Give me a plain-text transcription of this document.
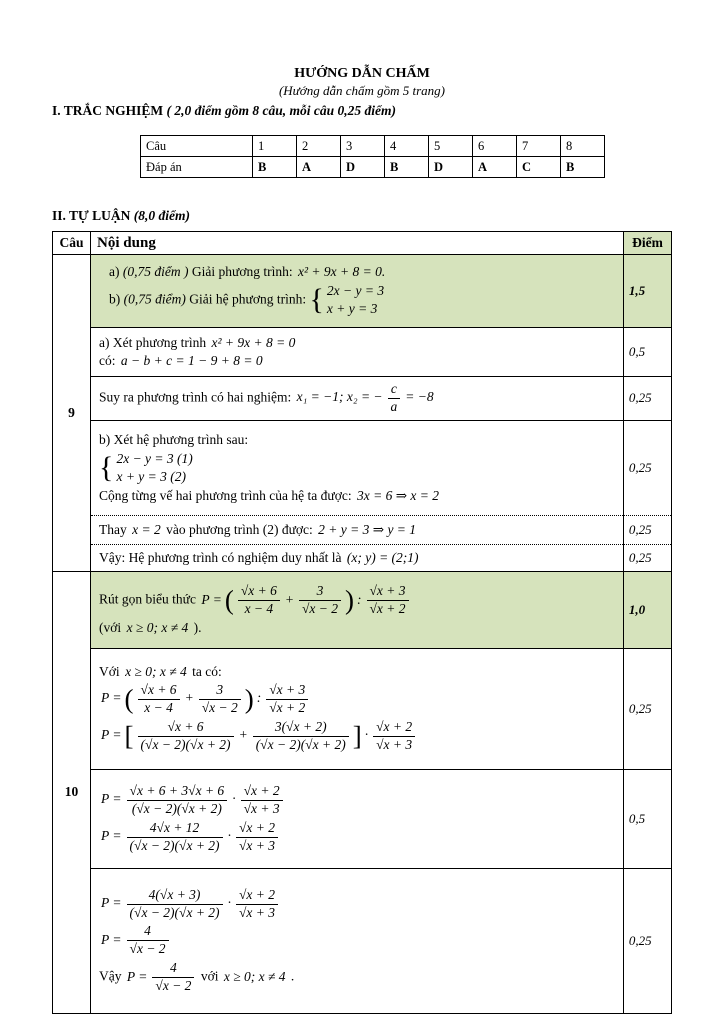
HƯỚNG DẪN CHẤM
(Hướng dẫn chấm gồm 5 trang)
I. TRẮC NGHIỆM ( 2,0 điểm gồm 8 câu, mỗi câu 0,25 điểm)
Câu	1	2	3	4	5	6	7	8
Đáp án	B	A	D	B	D	A	C	B
II. TỰ LUẬN (8,0 điểm)
Câu	Nội dung	Điểm
9	a) (0,75 điểm ) Giải phương trình: x² + 9x + 8 = 0.
b) (0,75 điểm) Giải hệ phương trình: { 2x − y = 3
x + y = 3	1,5

	a) Xét phương trình x² + 9x + 8 = 0
có: a − b + c = 1 − 9 + 8 = 0	0,5

	Suy ra phương trình có hai nghiệm: x₁ = −1; x₂ = − $\frac{c}{a} = -8$	0,25

	b) Xét hệ phương trình sau:
{ 2x − y = 3 (1)
x + y = 3 (2)
Cộng từng vế hai phương trình của hệ ta được: 3x = 6 ⇒ x = 2	0,25

	Thay x = 2 vào phương trình (2) được: 2 + y = 3 ⇒ y = 1	0,25

	Vậy: Hệ phương trình có nghiệm duy nhất là (x; y) = (2;1)	0,25
10	
Rút gọn biểu thức P = ( $\frac{√x + 6}{x - 4} + \frac{3}{√x - 2}$ ) : $\frac{√x + 3}{√x + 2}$
(với x ≥ 0; x ≠ 4 ).
	1,0

Với x ≥ 0; x ≠ 4 ta có:
P = ( $\frac{√x + 6}{x - 4} + \frac{3}{√x - 2}$ ) : $\frac{√x + 3}{√x + 2}$
P = [ $\frac{√x + 6}{(√x - 2)(√x + 2)} + \frac{3(√x + 2)}{(√x - 2)(√x + 2)}$ ] · $\frac{√x + 2}{√x + 3}$
	0,25

$P = \frac{√x + 6 + 3√x + 6}{(√x - 2)(√x + 2)} \cdot \frac{√x + 2}{√x + 3}$
$P = \frac{4√x + 12}{(√x - 2)(√x + 2)} \cdot \frac{√x + 2}{√x + 3}$
	0,5

$P = \frac{4(√x + 3)}{(√x - 2)(√x + 2)} \cdot \frac{√x + 2}{√x + 3}$
$P = \frac{4}{√x - 2}$
Vậy $P = \frac{4}{√x - 2}$ với x ≥ 0; x ≠ 4 .
	0,25
